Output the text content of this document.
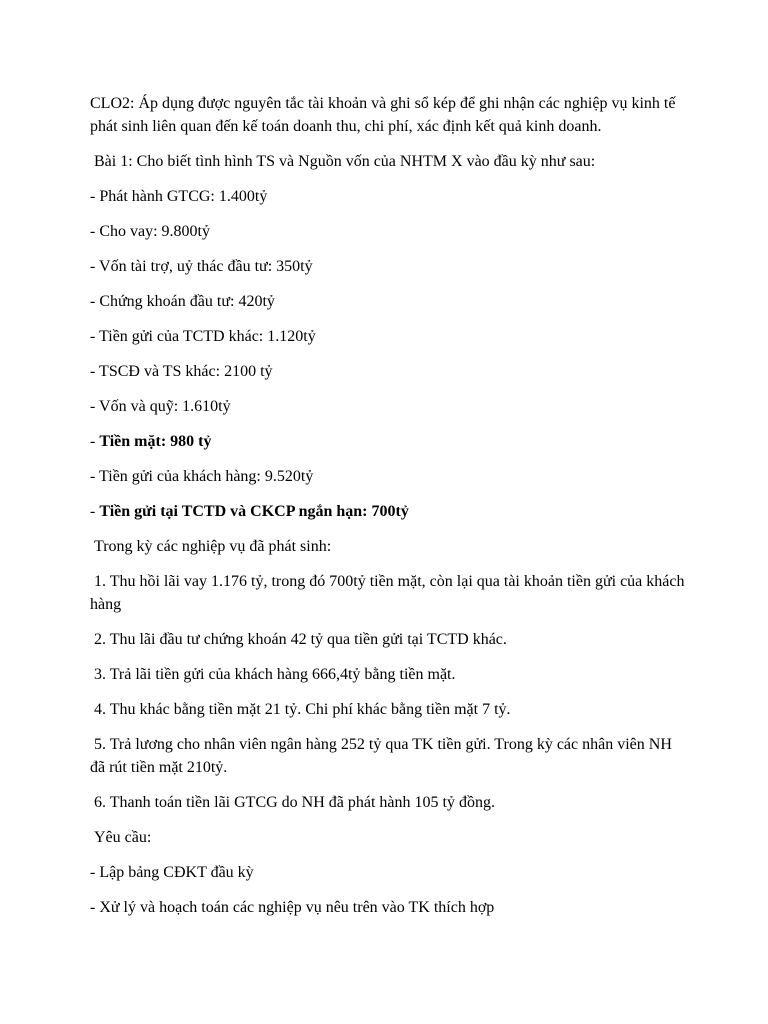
CLO2: Áp dụng được nguyên tắc tài khoản và ghi sổ kép để ghi nhận các nghiệp vụ kinh tế phát sinh liên quan đến kế toán doanh thu, chi phí, xác định kết quả kinh doanh.

Bài 1: Cho biết tình hình TS và Nguồn vốn của NHTM X vào đầu kỳ như sau:

- Phát hành GTCG: 1.400tỷ

- Cho vay: 9.800tỷ

- Vốn tài trợ, uỷ thác đầu tư: 350tỷ

- Chứng khoán đầu tư: 420tỷ

- Tiền gửi của TCTD khác: 1.120tỷ

- TSCĐ và TS khác: 2100 tỷ

- Vốn và quỹ: 1.610tỷ

- Tiền mặt: 980 tỷ

- Tiền gửi của khách hàng: 9.520tỷ

- Tiền gửi tại TCTD và CKCP ngắn hạn: 700tỷ

Trong kỳ các nghiệp vụ đã phát sinh:

1. Thu hồi lãi vay 1.176 tỷ, trong đó 700tỷ tiền mặt, còn lại qua tài khoản tiền gửi của khách hàng

2. Thu lãi đầu tư chứng khoán 42 tỷ qua tiền gửi tại TCTD khác.

3. Trả lãi tiền gửi của khách hàng 666,4tỷ bằng tiền mặt.

4. Thu khác bằng tiền mặt 21 tỷ. Chi phí khác bằng tiền mặt 7 tỷ.

5. Trả lương cho nhân viên ngân hàng 252 tỷ qua TK tiền gửi. Trong kỳ các nhân viên NH đã rút tiền mặt 210tỷ.

6. Thanh toán tiền lãi GTCG do NH đã phát hành 105 tỷ đồng.

Yêu cầu:

- Lập bảng CĐKT đầu kỳ

- Xử lý và hoạch toán các nghiệp vụ nêu trên vào TK thích hợp
